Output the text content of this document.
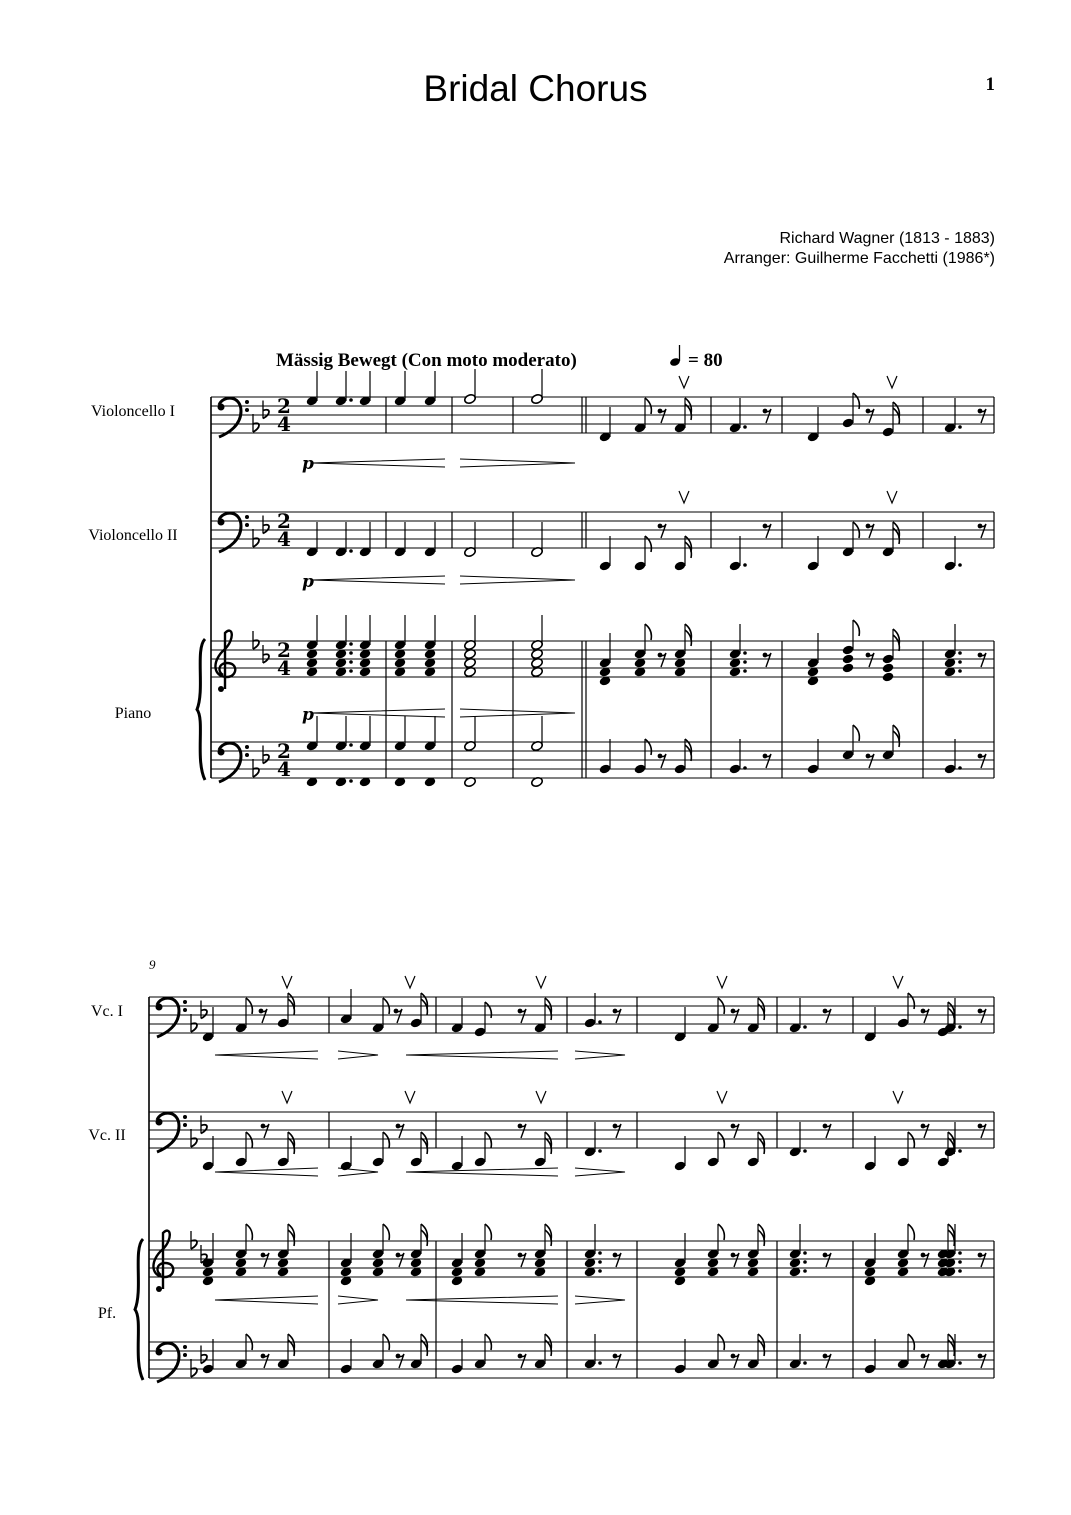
Bridal Chorus	1
Richard Wagner (1813 - 1883)
Arranger: Guilherme Facchetti (1986*)
Mässig Bewegt (Con moto moderato)	= 80
Violoncello I
Violoncello II
Piano
2
4
2
4
2
4
2
4
Vc. I
Vc. II
Pf.
9
p
p
p
